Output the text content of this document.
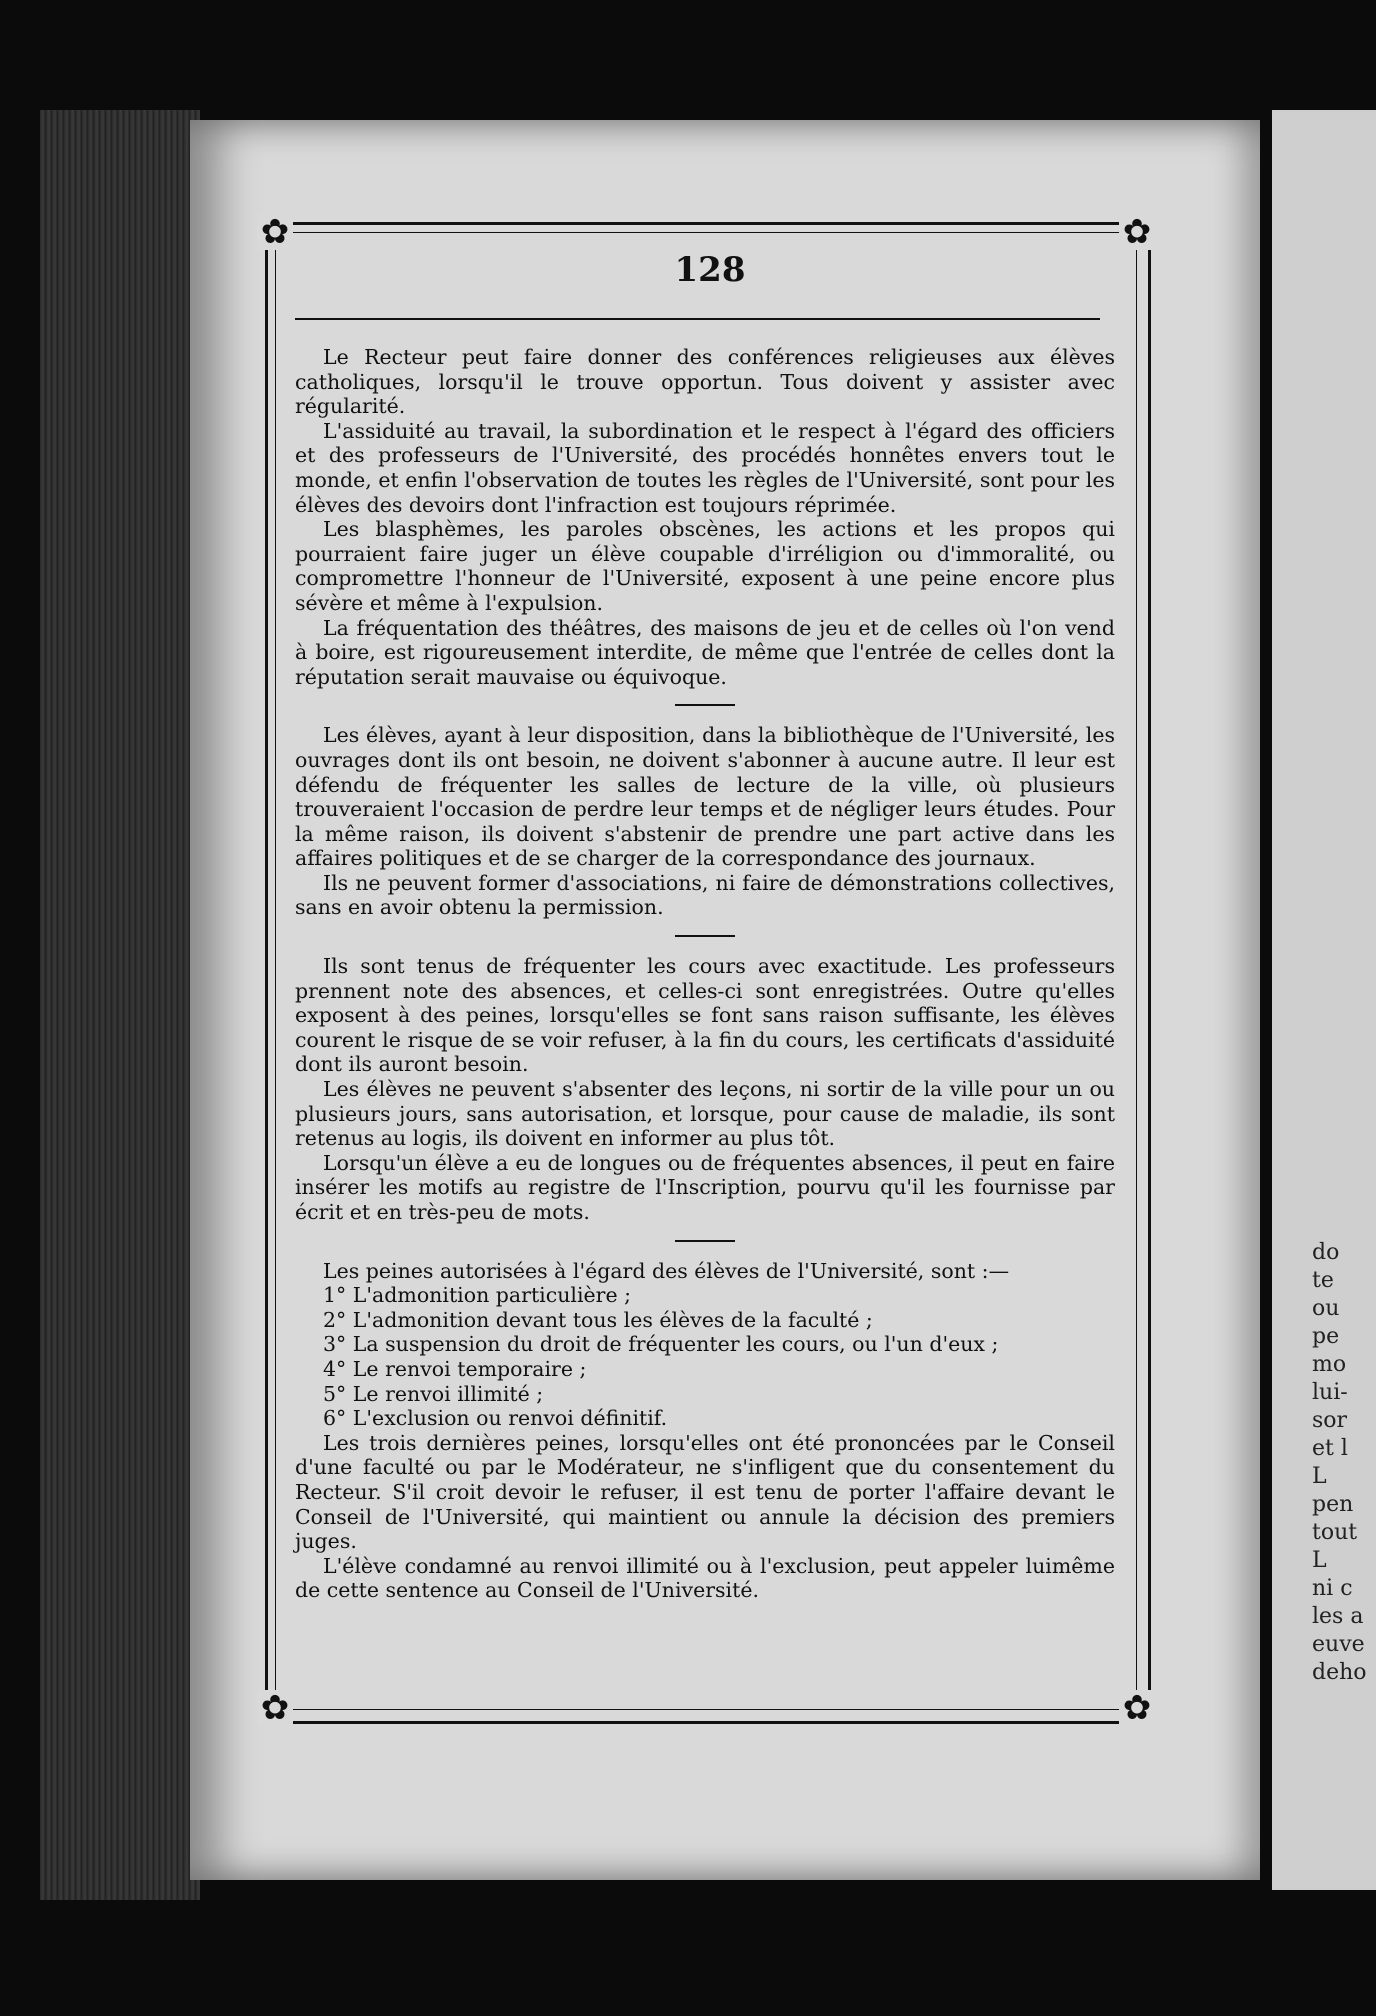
do
te
ou
pe
mo
lui-
sor
et l
L
pen
tout
L
ni c
les a
euve
deho
✿	✿
✿	✿
128

Le Recteur peut faire donner des conférences religieuses aux élèves catholiques, lorsqu'il le trouve opportun. Tous doivent y assister avec régularité.

L'assiduité au travail, la subordination et le respect à l'égard des officiers et des professeurs de l'Université, des procédés honnêtes envers tout le monde, et enfin l'observation de toutes les règles de l'Université, sont pour les élèves des devoirs dont l'infraction est toujours réprimée.

Les blasphèmes, les paroles obscènes, les actions et les propos qui pourraient faire juger un élève coupable d'irréligion ou d'immoralité, ou compromettre l'honneur de l'Université, exposent à une peine encore plus sévère et même à l'expulsion.

La fréquentation des théâtres, des maisons de jeu et de celles où l'on vend à boire, est rigoureusement interdite, de même que l'entrée de celles dont la réputation serait mauvaise ou équivoque.

Les élèves, ayant à leur disposition, dans la bibliothèque de l'Université, les ouvrages dont ils ont besoin, ne doivent s'abonner à aucune autre. Il leur est défendu de fréquenter les salles de lecture de la ville, où plusieurs trouveraient l'occasion de perdre leur temps et de négliger leurs études. Pour la même raison, ils doivent s'abstenir de prendre une part active dans les affaires politiques et de se charger de la correspondance des journaux.

Ils ne peuvent former d'associations, ni faire de démonstrations collectives, sans en avoir obtenu la permission.

Ils sont tenus de fréquenter les cours avec exactitude. Les professeurs prennent note des absences, et celles-ci sont enregistrées. Outre qu'elles exposent à des peines, lorsqu'elles se font sans raison suffisante, les élèves courent le risque de se voir refuser, à la fin du cours, les certificats d'assiduité dont ils auront besoin.

Les élèves ne peuvent s'absenter des leçons, ni sortir de la ville pour un ou plusieurs jours, sans autorisation, et lorsque, pour cause de maladie, ils sont retenus au logis, ils doivent en informer au plus tôt.

Lorsqu'un élève a eu de longues ou de fréquentes absences, il peut en faire insérer les motifs au registre de l'Inscription, pourvu qu'il les fournisse par écrit et en très-peu de mots.

Les peines autorisées à l'égard des élèves de l'Université, sont :—

1° L'admonition particulière ;

2° L'admonition devant tous les élèves de la faculté ;

3° La suspension du droit de fréquenter les cours, ou l'un d'eux ;

4° Le renvoi temporaire ;

5° Le renvoi illimité ;

6° L'exclusion ou renvoi définitif.

Les trois dernières peines, lorsqu'elles ont été prononcées par le Conseil d'une faculté ou par le Modérateur, ne s'infligent que du consentement du Recteur. S'il croit devoir le refuser, il est tenu de porter l'affaire devant le Conseil de l'Université, qui maintient ou annule la décision des premiers juges.

L'élève condamné au renvoi illimité ou à l'exclusion, peut appeler luimême de cette sentence au Conseil de l'Université.
